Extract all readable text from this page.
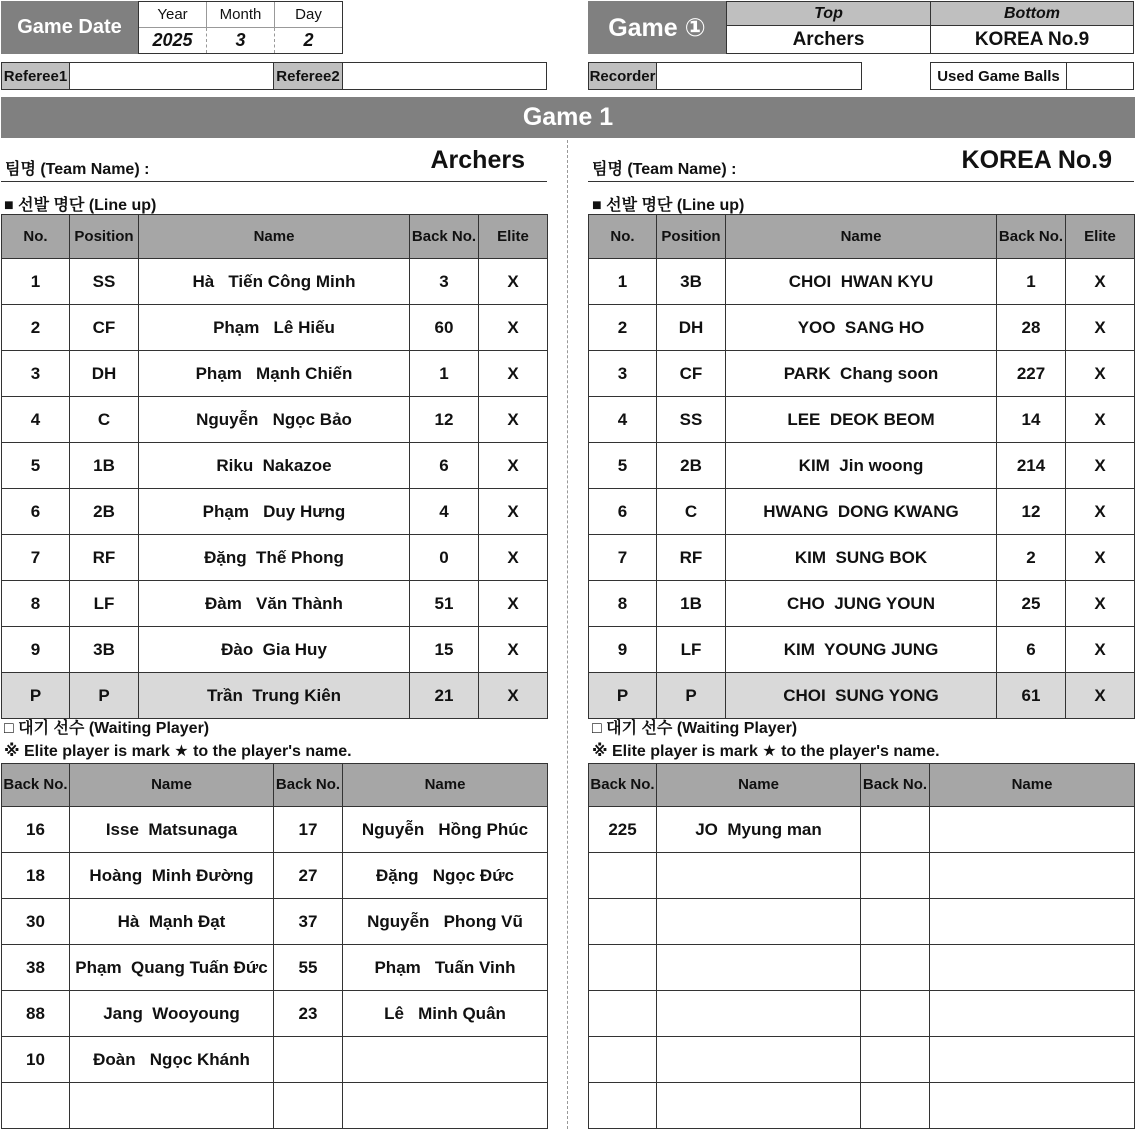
Game Date
Year	Month	Day
2025	3	2	Game ①
Top	Bottom
Archers	KOREA No.9
Referee1	Referee2	Recorder	Used Game Balls
Game 1
팀명 (Team Name) :	Archers
■ 선발 명단 (Line up)
No.	Position	Name	Back No.	Elite
1	SS	Hà   Tiến Công Minh	3	X
2	CF	Phạm   Lê Hiếu	60	X
3	DH	Phạm   Mạnh Chiến	1	X
4	C	Nguyễn   Ngọc Bảo	12	X
5	1B	Riku  Nakazoe	6	X
6	2B	Phạm   Duy Hưng	4	X
7	RF	Đặng  Thế Phong	0	X
8	LF	Đàm   Văn Thành	51	X
9	3B	Đào  Gia Huy	15	X
P	P	Trần  Trung Kiên	21	X
□ 대기 선수 (Waiting Player)
※ Elite player is mark ★ to the player's name.
Back No.	Name	Back No.	Name
16	Isse  Matsunaga	17	Nguyễn   Hồng Phúc
18	Hoàng  Minh Đường	27	Đặng   Ngọc Đức
30	Hà  Mạnh Đạt	37	Nguyễn   Phong Vũ
38	Phạm  Quang Tuấn Đức	55	Phạm   Tuấn Vinh
88	Jang  Wooyoung	23	Lê   Minh Quân
10	Đoàn   Ngọc Khánh		

팀명 (Team Name) :	KOREA No.9
■ 선발 명단 (Line up)
No.	Position	Name	Back No.	Elite
1	3B	CHOI  HWAN KYU	1	X
2	DH	YOO  SANG HO	28	X
3	CF	PARK  Chang soon	227	X
4	SS	LEE  DEOK BEOM	14	X
5	2B	KIM  Jin woong	214	X
6	C	HWANG  DONG KWANG	12	X
7	RF	KIM  SUNG BOK	2	X
8	1B	CHO  JUNG YOUN	25	X
9	LF	KIM  YOUNG JUNG	6	X
P	P	CHOI  SUNG YONG	61	X
□ 대기 선수 (Waiting Player)
※ Elite player is mark ★ to the player's name.
Back No.	Name	Back No.	Name
225	JO  Myung man		
